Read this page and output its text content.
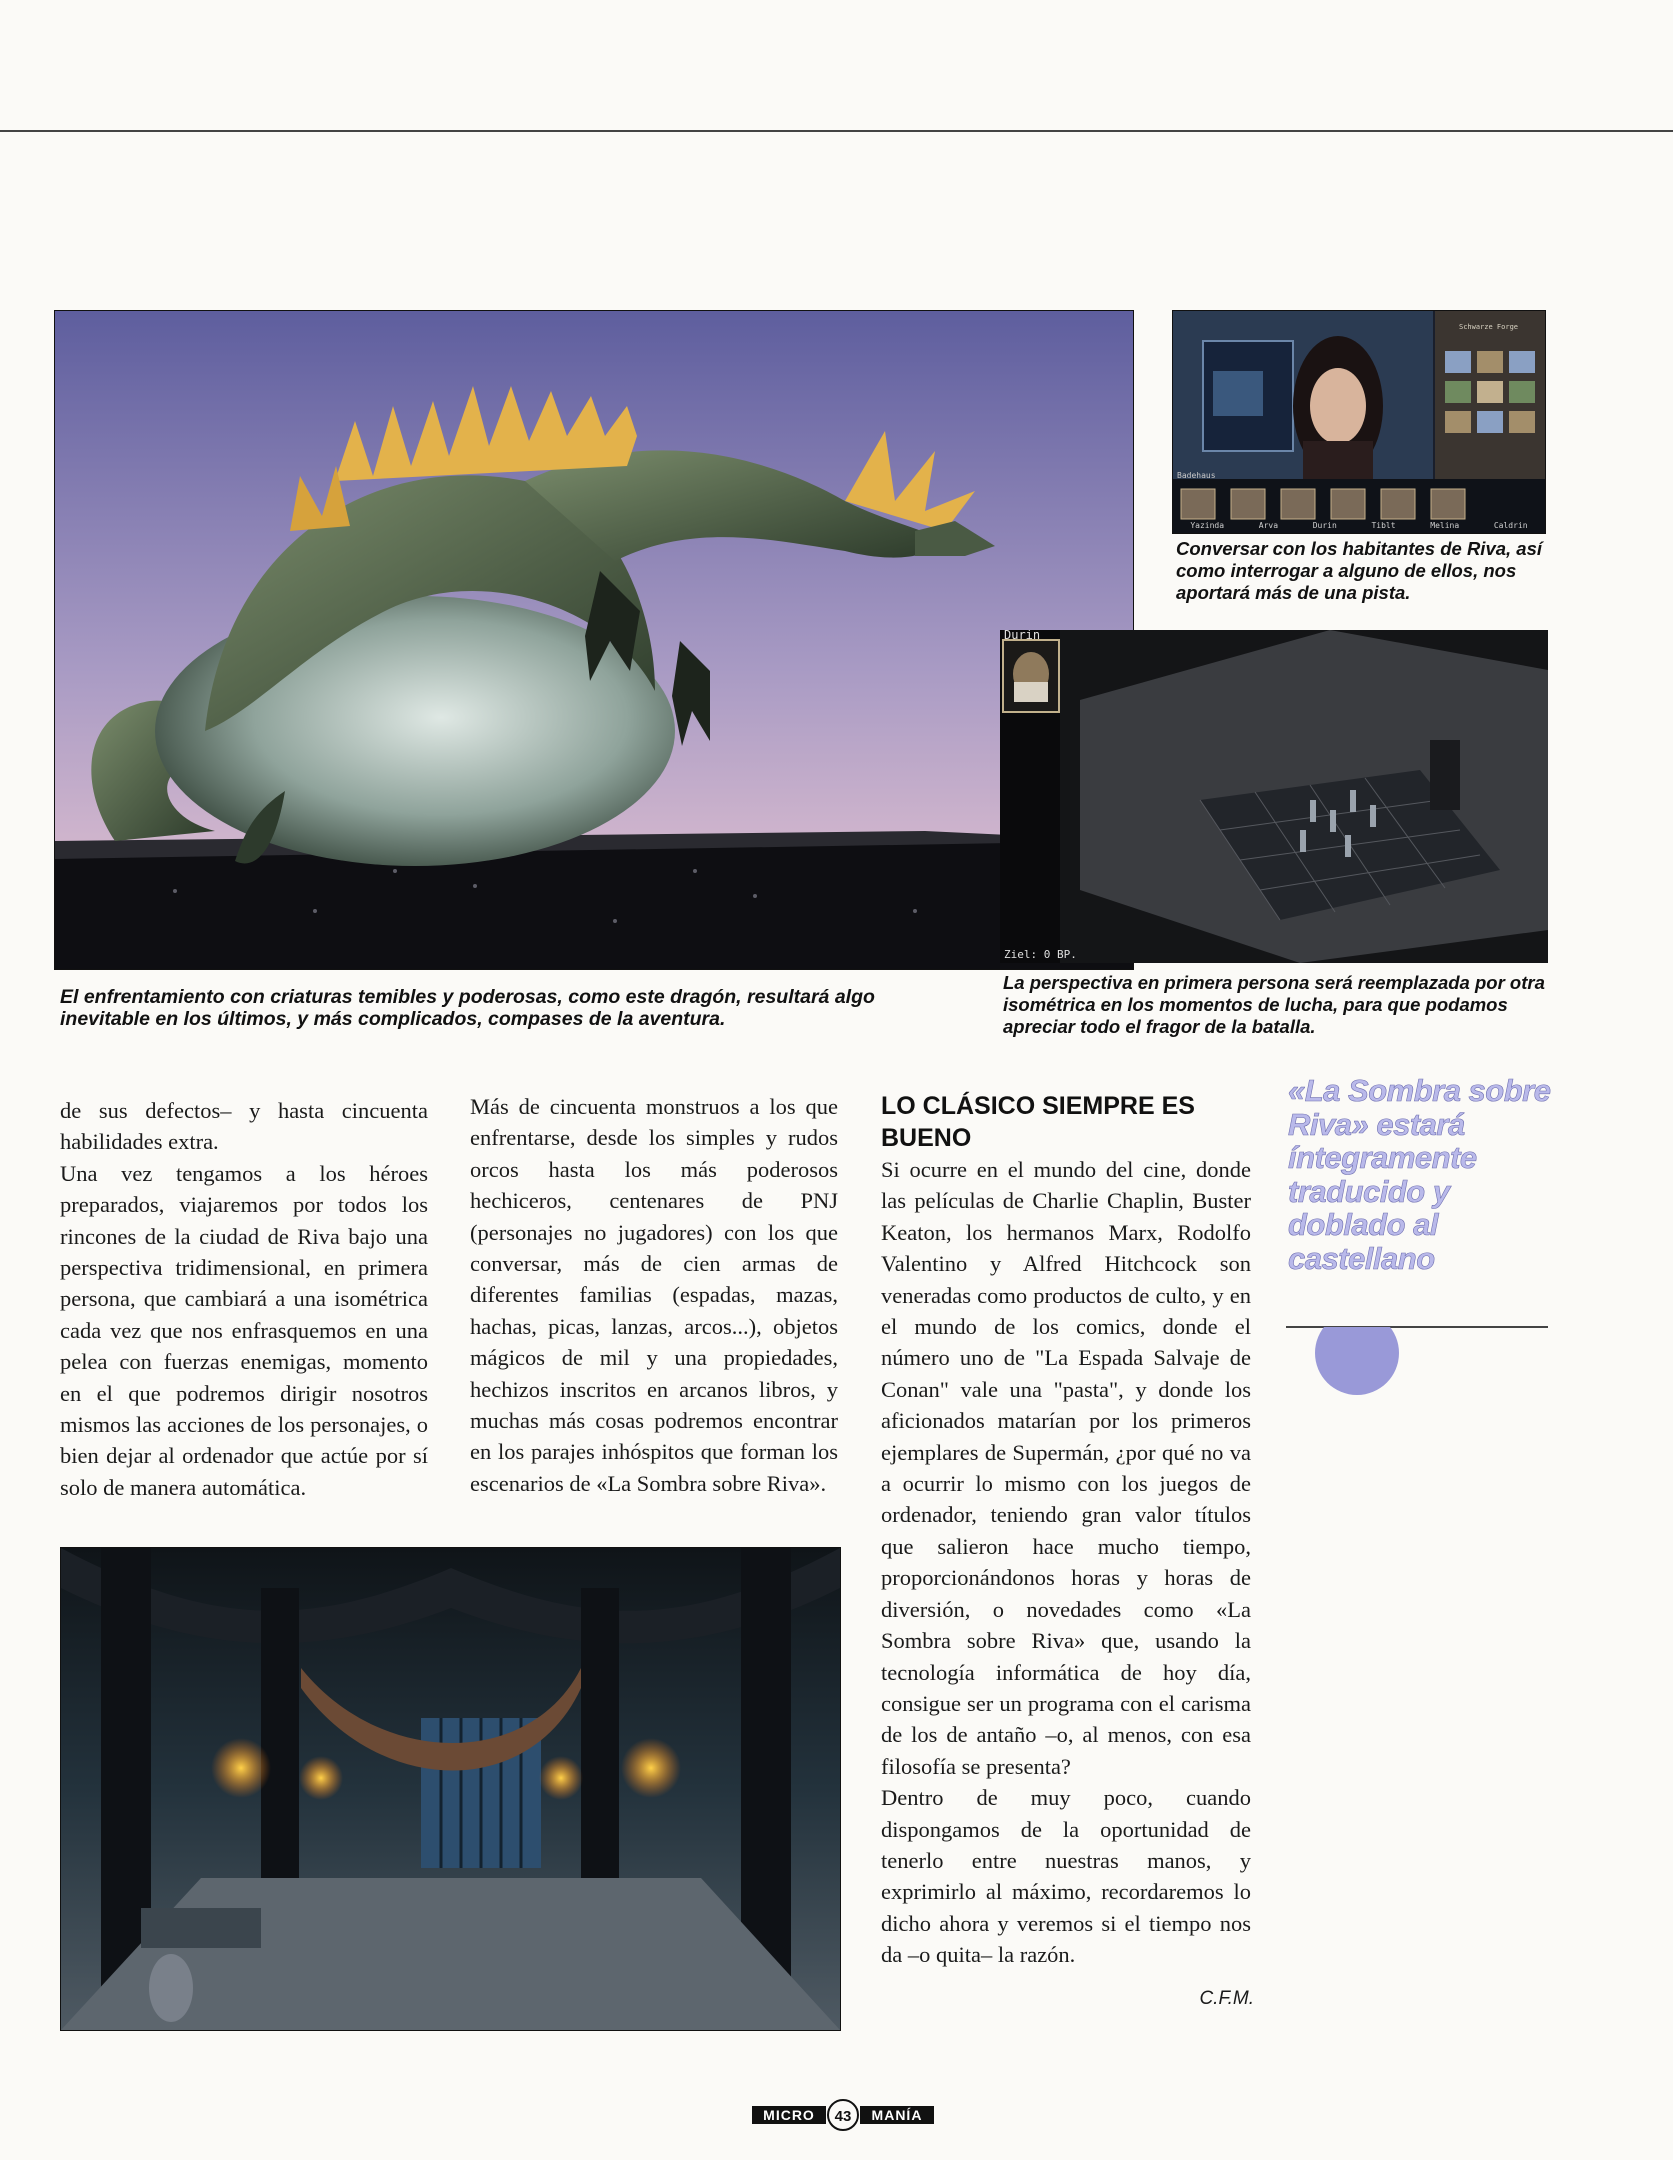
El enfrentamiento con criaturas temibles y poderosas, como este dragón, resultará algo inevitable en los últimos, y más complicados, compases de la aventura.

Badehaus
Schwarze Forge
Yazinda	Arva	Durin	Tiblt	Melina	Caldrin

Conversar con los habitantes de Riva, así como interrogar a alguno de ellos, nos aportará más de una pista.

Durin
Ziel: 0 BP.

La perspectiva en primera persona será reemplazada por otra isométrica en los momentos de lucha, para que podamos apreciar todo el fragor de la batalla.

de sus defectos– y hasta cincuenta habilidades extra.

Una vez tengamos a los héroes preparados, viajaremos por todos los rincones de la ciudad de Riva bajo una perspectiva tridimensional, en primera persona, que cambiará a una isométrica cada vez que nos enfrasquemos en una pelea con fuerzas enemigas, momento en el que podremos dirigir nosotros mismos las acciones de los personajes, o bien dejar al ordenador que actúe por sí solo de manera automática.

Más de cincuenta monstruos a los que enfrentarse, desde los simples y rudos orcos hasta los más poderosos hechiceros, centenares de PNJ (personajes no jugadores) con los que conversar, más de cien armas de diferentes familias (espadas, mazas, hachas, picas, lanzas, arcos...), objetos mágicos de mil y una propiedades, hechizos inscritos en arcanos libros, y muchas más cosas podremos encontrar en los parajes inhóspitos que forman los escenarios de «La Sombra sobre Riva».

LO CLÁSICO SIEMPRE ES BUENO

Si ocurre en el mundo del cine, donde las películas de Charlie Chaplin, Buster Keaton, los hermanos Marx, Rodolfo Valentino y Alfred Hitchcock son veneradas como productos de culto, y en el mundo de los comics, donde el número uno de "La Espada Salvaje de Conan" vale una "pasta", y donde los aficionados matarían por los primeros ejemplares de Supermán, ¿por qué no va a ocurrir lo mismo con los juegos de ordenador, teniendo gran valor títulos que salieron hace mucho tiempo, proporcionándonos horas y horas de diversión, o novedades como «La Sombra sobre Riva» que, usando la tecnología informática de hoy día, consigue ser un programa con el carisma de los de antaño –o, al menos, con esa filosofía se presenta?

Dentro de muy poco, cuando dispongamos de la oportunidad de tenerlo entre nuestras manos, y exprimirlo al máximo, recordaremos lo dicho ahora y veremos si el tiempo nos da –o quita– la razón.

C.F.M.

«La Sombra sobre Riva» estará íntegramente traducido y doblado al castellano

MICRO 43 MANÍA
